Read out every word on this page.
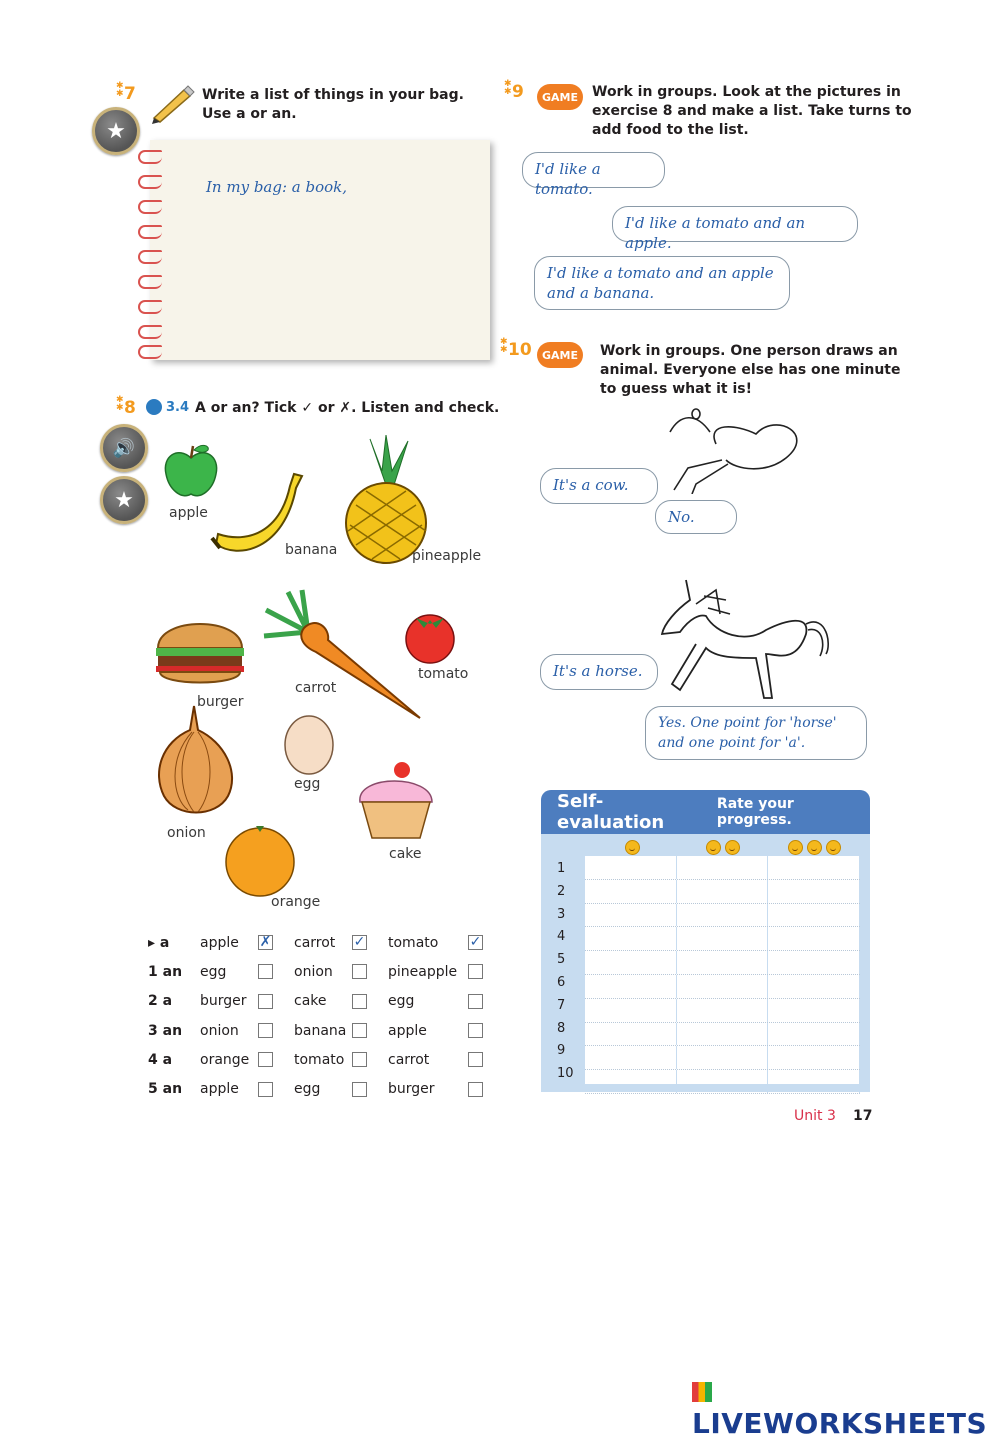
✱
✱ 7	Write a list of things in your bag.
Use a or an.
★
In my bag: a book,
✱
✱ 8 3.4 A or an? Tick ✓ or ✗. Listen and check.
🔊
★
apple
banana	pineapple
burger
carrot
tomato
onion
egg
cake
orange
▸ a	apple	✗	carrot	✓	tomato	✓
1 an	egg		onion		pineapple	
2 a	burger		cake		egg	
3 an	onion		banana		apple	
4 a	orange		tomato		carrot	
5 an	apple		egg		burger	
✱
✱ 9	GAME	Work in groups. Look at the pictures in
exercise 8 and make a list. Take turns to
add food to the list.
I'd like a tomato.
I'd like a tomato and an apple.
I'd like a tomato and an apple
and a banana.
✱
✱ 10 GAME	Work in groups. One person draws an
animal. Everyone else has one minute
to guess what it is!
It's a cow.
No.
It's a horse.
Yes. One point for 'horse'
and one point for 'a'.
Self-evaluation
Rate your progress.
1
2
3
4
5
6
7
8
9
10
Unit 3 17
LIVEWORKSHEETS
